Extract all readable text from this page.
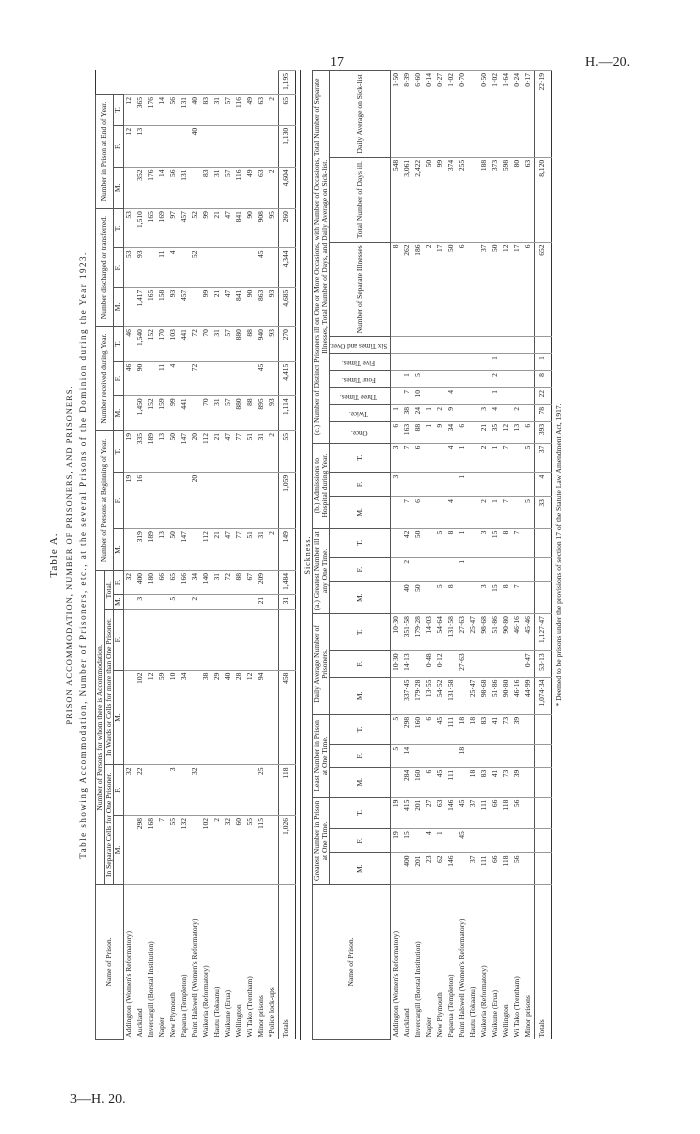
17	H.—20.
3—H. 20.
Table A. PRISON ACCOMMODATION, NUMBER OF PRISONERS, AND PRISONERS. Table showing Accommodation, Number of Prisoners, etc., at the several Prisons of the Dominion during the Year 1923.
Name of Prison.	Number of Persons for whom there is Accommodation.						Number of Persons at Beginning of Year.			Number received during Year.			Number discharged or transferred.			Number in Prison at End of Year.			
	In Separate Cells for One Prisoner.		In Wards or Cells for more than One Prisoner.		Total.														
	M.	F.	M.	F.	M.	F.	M.	F.	T.	M.	F.	T.	M.	F.	T.	M.	F.	T.	
Addington (Women's Reformatory)		32				32		19	19		46	46		53	53		12	12	
Auckland	298	22	102		3	400	319	16	335	1,450	90	1,540	1,417	93	1,510	352	13	365	
Invercargill (Borstal Institution)	168		12			180	189		189	152		152	165		165	176		176	
Napier	7		59			66	13		13	159	11	170	158	11	169	14		14	
New Plymouth	55	3	10		5	65	50		50	99	4	103	93	4	97	56		56	
Paparua (Templeton)	132		34			166	147		147	441		441	457		457	131		131	
Point Halswell (Women's Reformatory)		32			2	34		20	20		72	72		52	52		40	40	
Waikeria (Reformatory)	102		38			140	112		112	70		70	99		99	83		83	
Hautu (Tokaanu)	2		29			31	21		21	31		31	21		21	31		31	
Waikune (Erua)	32		40			72	47		47	57		57	47		47	57		57	
Wellington	60		28			88	77		77	880		880	841		841	116		116	
Wi Tako (Trentham)	55		12			67	51		51	88		88	90		90	49		49	
Minor prisons	115	25	94		21	209	31		31	895	45	940	863	45	908	63		63	
*Police lock-ups							2		2	93		93	93		95	2		2	
Totals	1,026	118	458		31	1,484	149	1,059	55	1,114	4,415	270	4,685	4,344	260	4,604	1,130	65	1,195
Sickness.
Name of Prison.	Greatest Number in Prison at One Time.			Least Number in Prison at One Time.			Daily Average Number of Prisoners.			(a.) Greatest Number ill at any One Time.			(b.) Admissions to Hospital during Year.			(c.) Number of Distinct Prisoners ill on One or More Occasions, with Number of Occasions, Total Number of Separate Illnesses, Total Number of Days, and Daily Average on Sick-list.								
																Once.	Twice.	Three Times.	Four Times.	Five Times.	Six Times and Over.	Number of Separate Illnesses	Total Number of Days ill.	Daily Average on Sick-list
	M.	F.	T.	M.	F.	T.	M.	F.	T.	M.	F.	T.	M.	F.	T.									
Addington (Women's Reformatory)		19	19		5	5		10·30	10·30					3	3	6	1					8	548	1·50
Auckland	400	15	415	284	14	298	337·45	14·13	351·58	40	2	42	7		7	163	38	7	1			262	3,061	8·39
Invercargill (Borstal Institution)	201		201	160		160	179·28		179·28	50		50	6		6	88	24	10	5			186	2,422	6·60
Napier	23	4	27	6		6	13·55	0·48	14·03							1	1					2	50	0·14
New Plymouth	62	1	63	45		45	54·52	0·12	54·64	5		5				9	2					17	99	0·27
Paparua (Templeton)	146		146	111		111	131·58		131·58	8		8	4		4	34	9	4				50	374	1·02
Point Halswell (Women's Reformatory)		45	45		18	18		27·63	27·63		1	1		1	1	6						6	255	0·70
Hautu (Tokaanu)	37		37	18		18	25·47		25·47															
Waikeria (Reformatory)	111		111	83		83	98·68		98·68	3		3	2		2	21	3					37	188	0·50
Waikune (Erua)	66		66	41		41	51·86		51·86	15		15	1		1	35	4	1	2	1		50	373	1·02
Wellington	118		118	73		73	90·80		90·80	8		8	7		7	12						12	598	1·64
Wi Tako (Trentham)	56		56	39		39	46·16		46·16	7		7				13	2					17	80	0·24
Minor prisons							44·99	0·47	45·46				5		5	6						6	63	0·17
Totals							1,074·34	53·13	1,127·47				33	4	37	393	78	22	8	1		652	8,120	22·19
* Deemed to be prisons under the provisions of section 17 of the Statute Law Amendment Act, 1917.
